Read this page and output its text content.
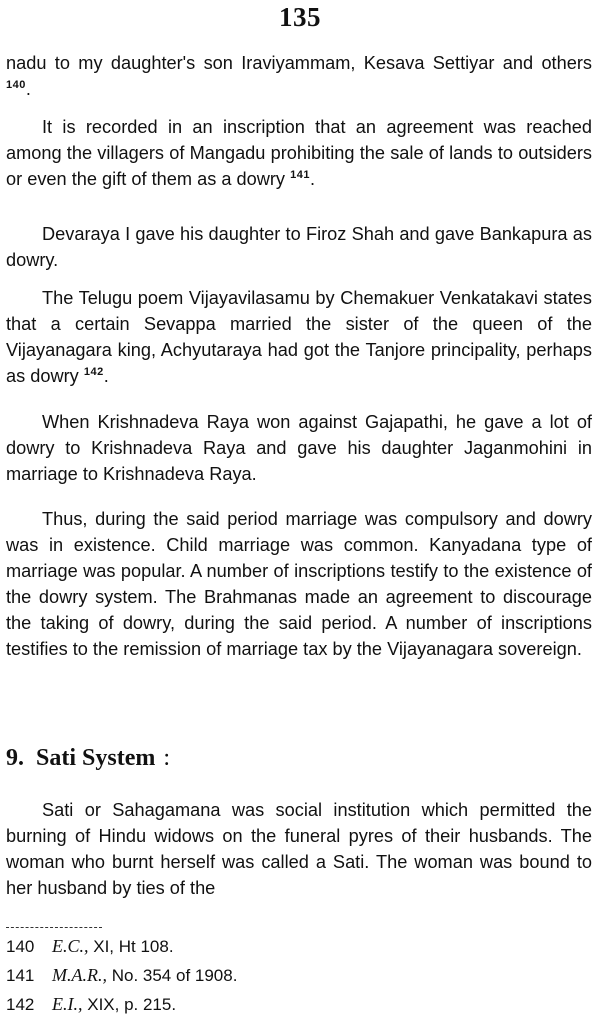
135

nadu to my daughter's son Iraviyammam, Kesava Settiyar and others $^{140}$.

It is recorded in an inscription that an agreement was reached among the villagers of Mangadu prohibiting the sale of lands to outsiders or even the gift of them as a dowry $^{141}$.

Devaraya I gave his daughter to Firoz Shah and gave Bankapura as dowry.

The Telugu poem Vijayavilasamu by Chemakuer Venkatakavi states that a certain Sevappa married the sister of the queen of the Vijayanagara king, Achyutaraya had got the Tanjore principality, perhaps as dowry $^{142}$.

When Krishnadeva Raya won against Gajapathi, he gave a lot of dowry to Krishnadeva Raya and gave his daughter Jaganmohini in marriage to Krishnadeva Raya.

Thus, during the said period marriage was compulsory and dowry was in existence. Child marriage was common. Kanyadana type of marriage was popular. A number of inscriptions testify to the existence of the dowry system. The Brahmanas made an agreement to discourage the taking of dowry, during the said period. A number of inscriptions testifies to the remission of marriage tax by the Vijayanagara sovereign.

9. Sati System :

Sati or Sahagamana was social institution which permitted the burning of Hindu widows on the funeral pyres of their husbands. The woman who burnt herself was called a Sati. The woman was bound to her husband by ties of the

140 E.C., XI, Ht 108.
141 M.A.R., No. 354 of 1908.
142 E.I., XIX, p. 215.
